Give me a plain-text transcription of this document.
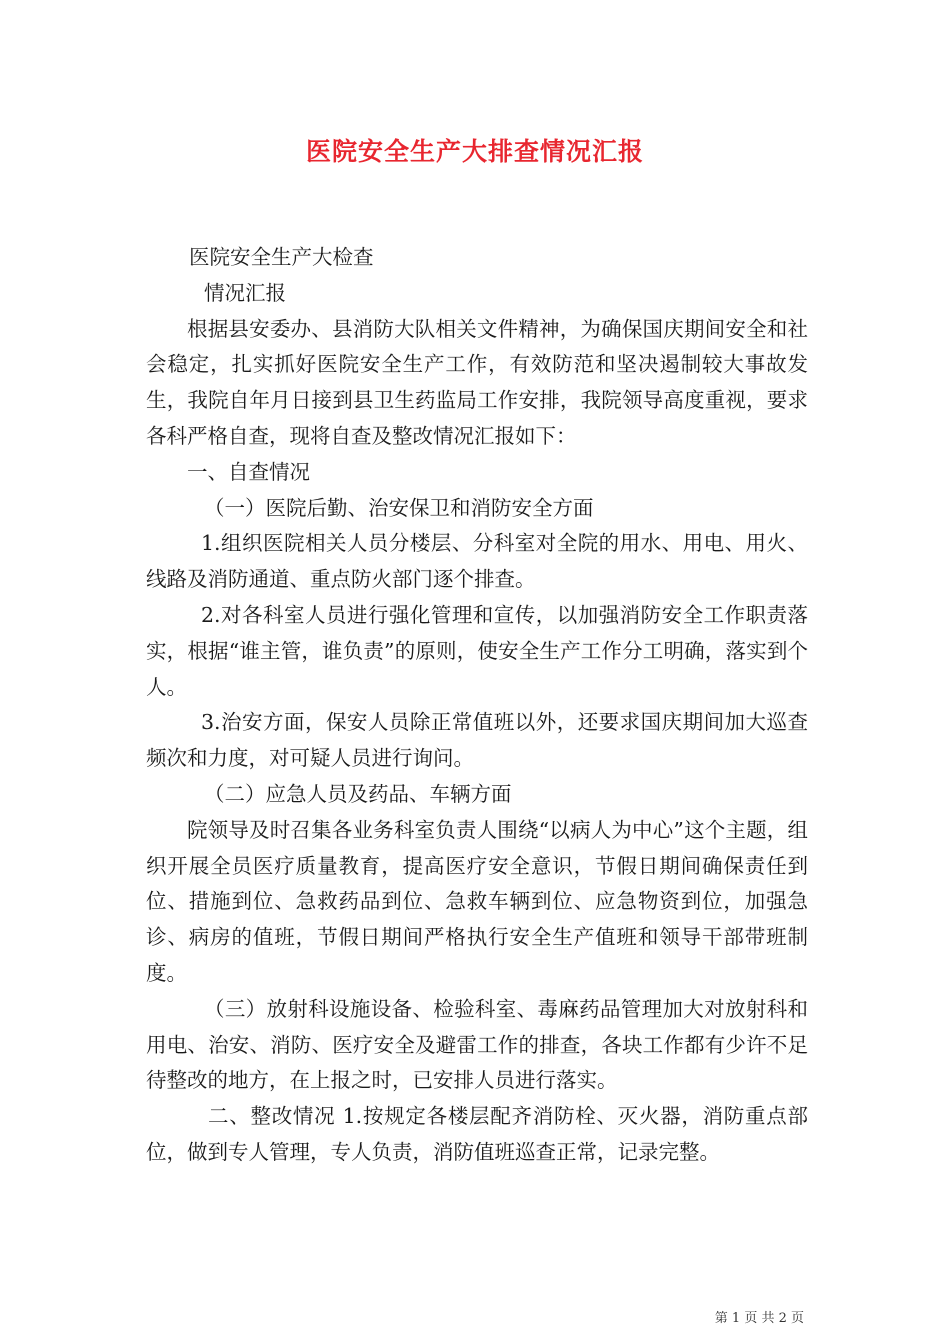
医院安全生产大排查情况汇报

医院安全生产大检查

情况汇报

根据县安委办、县消防大队相关文件精神，为确保国庆期间安全和社会稳定，扎实抓好医院安全生产工作，有效防范和坚决遏制较大事故发生，我院自年月日接到县卫生药监局工作安排，我院领导高度重视，要求各科严格自查，现将自查及整改情况汇报如下：

一、自查情况

（一）医院后勤、治安保卫和消防安全方面

1.组织医院相关人员分楼层、分科室对全院的用水、用电、用火、线路及消防通道、重点防火部门逐个排查。

2.对各科室人员进行强化管理和宣传，以加强消防安全工作职责落实，根据“谁主管，谁负责”的原则，使安全生产工作分工明确，落实到个人。

3.治安方面，保安人员除正常值班以外，还要求国庆期间加大巡查频次和力度，对可疑人员进行询问。

（二）应急人员及药品、车辆方面

院领导及时召集各业务科室负责人围绕“以病人为中心”这个主题，组织开展全员医疗质量教育，提高医疗安全意识，节假日期间确保责任到位、措施到位、急救药品到位、急救车辆到位、应急物资到位，加强急诊、病房的值班，节假日期间严格执行安全生产值班和领导干部带班制度。

（三）放射科设施设备、检验科室、毒麻药品管理加大对放射科和用电、治安、消防、医疗安全及避雷工作的排查，各块工作都有少许不足待整改的地方，在上报之时，已安排人员进行落实。

二、整改情况 1.按规定各楼层配齐消防栓、灭火器，消防重点部位，做到专人管理，专人负责，消防值班巡查正常，记录完整。

第 1 页 共 2 页
